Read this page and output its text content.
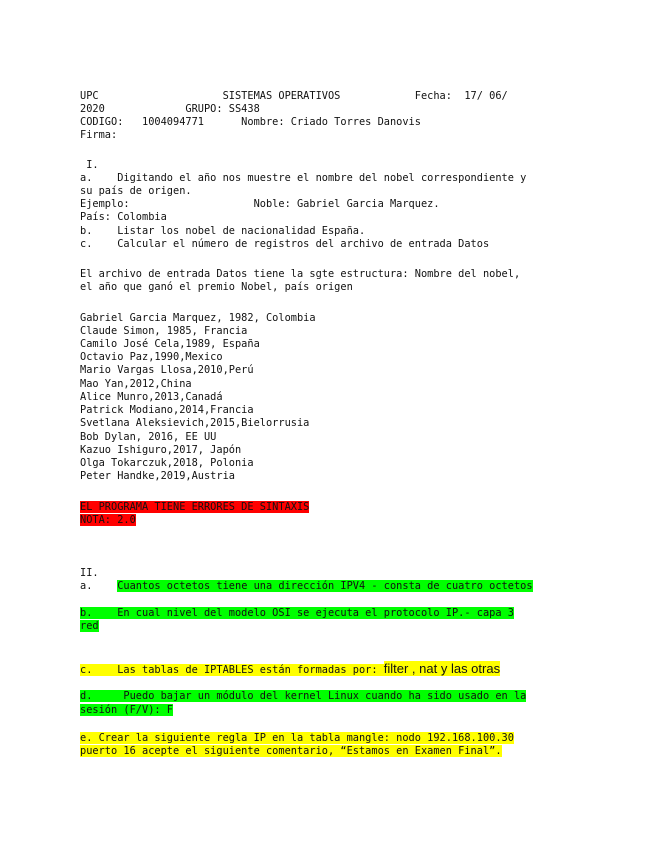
UPC                    SISTEMAS OPERATIVOS            Fecha:  17/ 06/
2020             GRUPO: SS438
CODIGO:   1004094771      Nombre: Criado Torres Danovis
Firma:
I.
a.    Digitando el año nos muestre el nombre del nobel correspondiente y
su país de origen.
Ejemplo:                    Noble: Gabriel Garcia Marquez.
País: Colombia
b.    Listar los nobel de nacionalidad España.
c.    Calcular el número de registros del archivo de entrada Datos
El archivo de entrada Datos tiene la sgte estructura: Nombre del nobel,
el año que ganó el premio Nobel, país origen
Gabriel Garcia Marquez, 1982, Colombia
Claude Simon, 1985, Francia
Camilo José Cela,1989, España
Octavio Paz,1990,Mexico
Mario Vargas Llosa,2010,Perú
Mao Yan,2012,China
Alice Munro,2013,Canadá
Patrick Modiano,2014,Francia
Svetlana Aleksievich,2015,Bielorrusia
Bob Dylan, 2016, EE UU
Kazuo Ishiguro,2017, Japón
Olga Tokarczuk,2018, Polonia
Peter Handke,2019,Austria
EL PROGRAMA TIENE ERRORES DE SINTAXIS
NOTA: 2.0
II.
a.    Cuantos octetos tiene una dirección IPV4 - consta de cuatro octetos
b.    En cual nivel del modelo OSI se ejecuta el protocolo IP.- capa 3
red
c.    Las tablas de IPTABLES están formadas por: filter , nat y las otras
d.     Puedo bajar un módulo del kernel Linux cuando ha sido usado en la
sesión (F/V): F
e. Crear la siguiente regla IP en la tabla mangle: nodo 192.168.100.30
puerto 16 acepte el siguiente comentario, “Estamos en Examen Final”.
